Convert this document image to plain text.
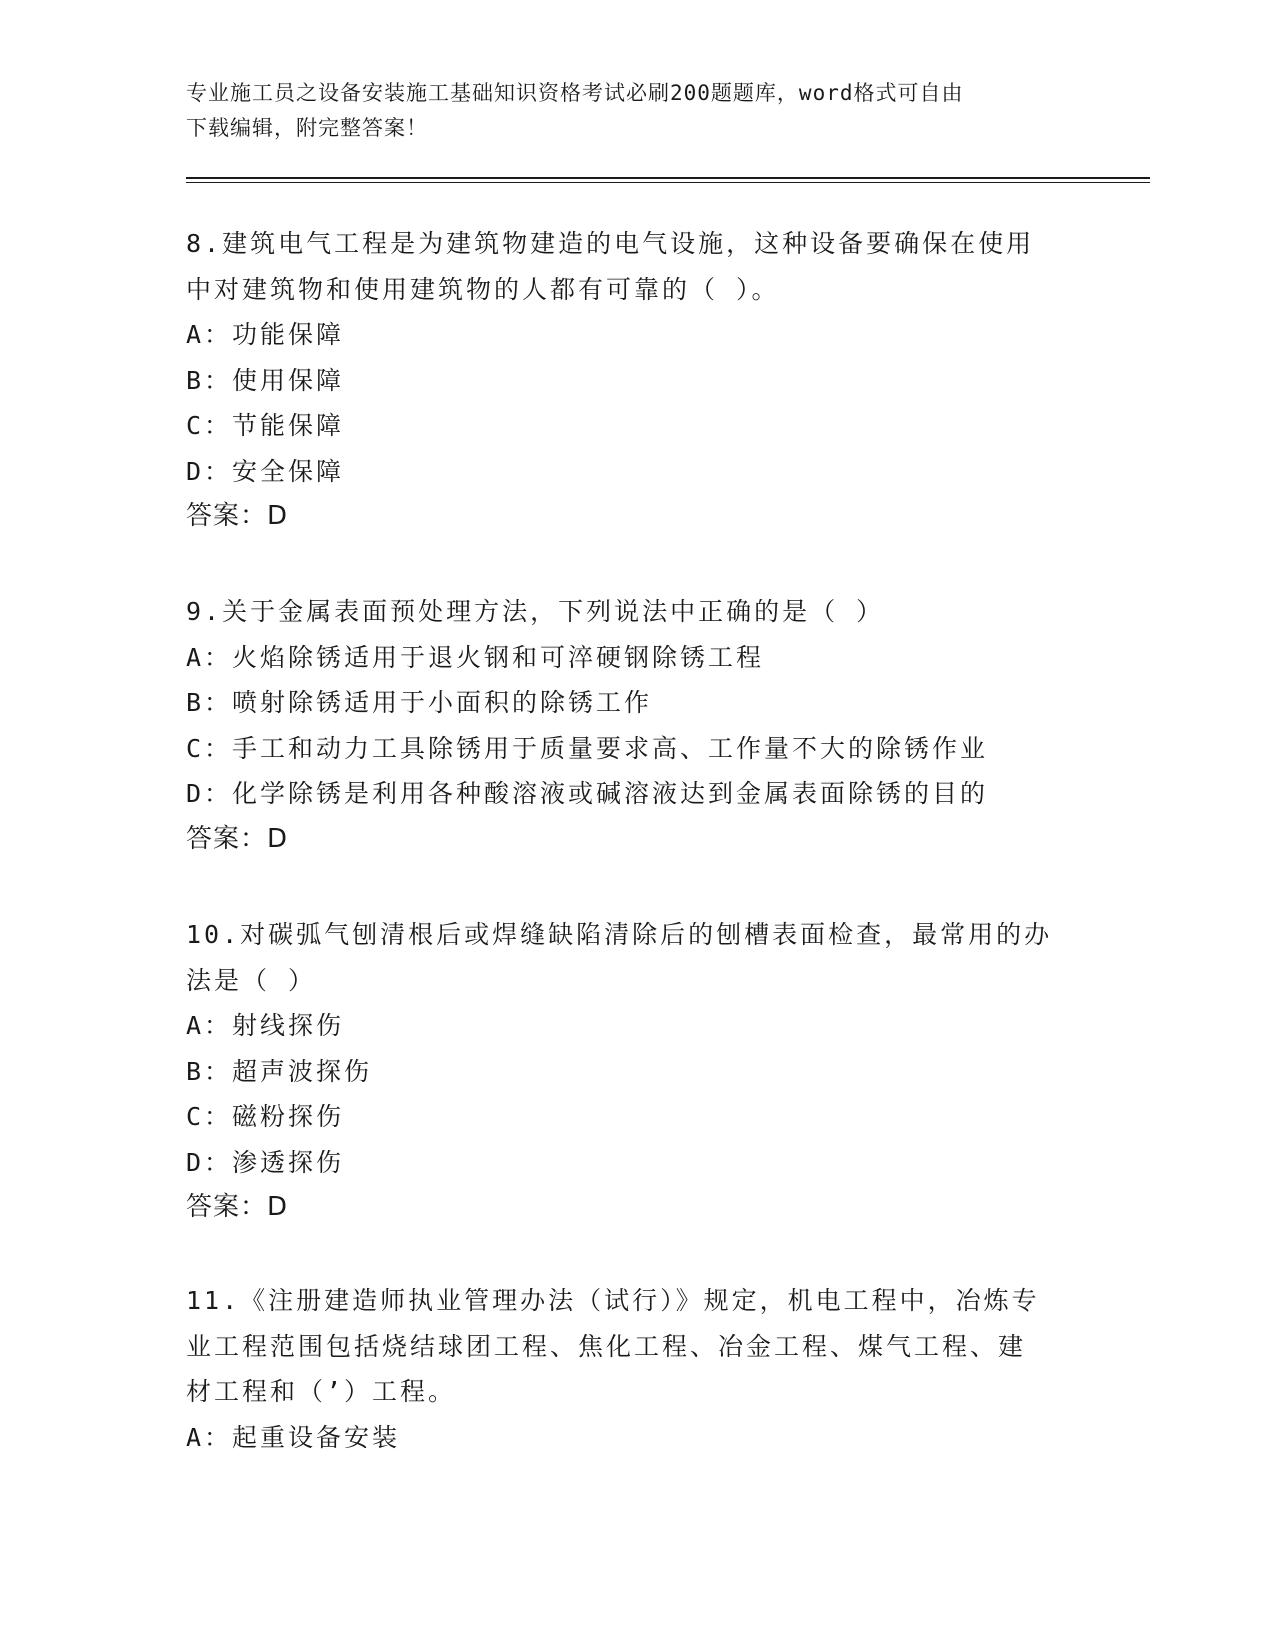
专业施工员之设备安装施工基础知识资格考试必刷200题题库，word格式可自由
下载编辑，附完整答案！
8.建筑电气工程是为建筑物建造的电气设施，这种设备要确保在使用
中对建筑物和使用建筑物的人都有可靠的（ ）。
A：功能保障
B：使用保障
C：节能保障
D：安全保障
答案：D
9.关于金属表面预处理方法，下列说法中正确的是（ ）
A：火焰除锈适用于退火钢和可淬硬钢除锈工程
B：喷射除锈适用于小面积的除锈工作
C：手工和动力工具除锈用于质量要求高、工作量不大的除锈作业
D：化学除锈是利用各种酸溶液或碱溶液达到金属表面除锈的目的
答案：D
10.对碳弧气刨清根后或焊缝缺陷清除后的刨槽表面检查，最常用的办
法是（ ）
A：射线探伤
B：超声波探伤
C：磁粉探伤
D：渗透探伤
答案：D
11.《注册建造师执业管理办法（试行）》规定，机电工程中，冶炼专
业工程范围包括烧结球团工程、焦化工程、冶金工程、煤气工程、建
材工程和（’）工程。
A：起重设备安装
